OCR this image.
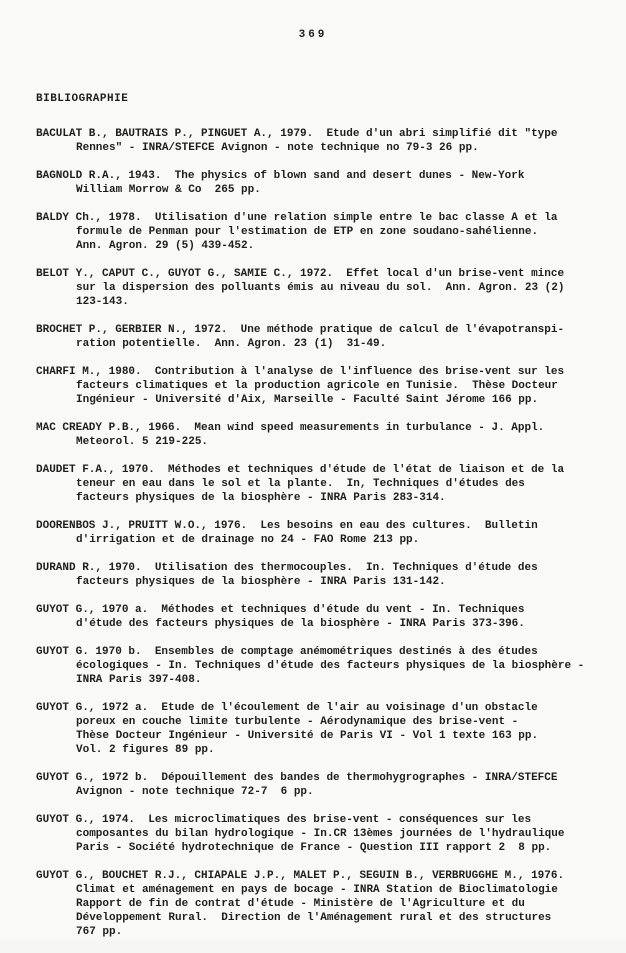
369
BIBLIOGRAPHIE

BACULAT B., BAUTRAIS P., PINGUET A., 1979.  Etude d'un abri simplifié dit "type
Rennes" - INRA/STEFCE Avignon - note technique no 79-3 26 pp.

BAGNOLD R.A., 1943.  The physics of blown sand and desert dunes - New-York
William Morrow & Co  265 pp.

BALDY Ch., 1978.  Utilisation d'une relation simple entre le bac classe A et la
formule de Penman pour l'estimation de ETP en zone soudano-sahélienne.
Ann. Agron. 29 (5) 439-452.

BELOT Y., CAPUT C., GUYOT G., SAMIE C., 1972.  Effet local d'un brise-vent mince
sur la dispersion des polluants émis au niveau du sol.  Ann. Agron. 23 (2)
123-143.

BROCHET P., GERBIER N., 1972.  Une méthode pratique de calcul de l'évapotranspi-
ration potentielle.  Ann. Agron. 23 (1)  31-49.

CHARFI M., 1980.  Contribution à l'analyse de l'influence des brise-vent sur les
facteurs climatiques et la production agricole en Tunisie.  Thèse Docteur
Ingénieur - Université d'Aix, Marseille - Faculté Saint Jérome 166 pp.

MAC CREADY P.B., 1966.  Mean wind speed measurements in turbulance - J. Appl.
Meteorol. 5 219-225.

DAUDET F.A., 1970.  Méthodes et techniques d'étude de l'état de liaison et de la
teneur en eau dans le sol et la plante.  In, Techniques d'études des
facteurs physiques de la biosphère - INRA Paris 283-314.

DOORENBOS J., PRUITT W.O., 1976.  Les besoins en eau des cultures.  Bulletin
d'irrigation et de drainage no 24 - FAO Rome 213 pp.

DURAND R., 1970.  Utilisation des thermocouples.  In. Techniques d'étude des
facteurs physiques de la biosphère - INRA Paris 131-142.

GUYOT G., 1970 a.  Méthodes et techniques d'étude du vent - In. Techniques
d'étude des facteurs physiques de la biosphère - INRA Paris 373-396.

GUYOT G. 1970 b.  Ensembles de comptage anémométriques destinés à des études
écologiques - In. Techniques d'étude des facteurs physiques de la biosphère -
INRA Paris 397-408.

GUYOT G., 1972 a.  Etude de l'écoulement de l'air au voisinage d'un obstacle
poreux en couche limite turbulente - Aérodynamique des brise-vent -
Thèse Docteur Ingénieur - Université de Paris VI - Vol 1 texte 163 pp.
Vol. 2 figures 89 pp.

GUYOT G., 1972 b.  Dépouillement des bandes de thermohygrographes - INRA/STEFCE
Avignon - note technique 72-7  6 pp.

GUYOT G., 1974.  Les microclimatiques des brise-vent - conséquences sur les
composantes du bilan hydrologique - In.CR 13èmes journées de l'hydraulique
Paris - Société hydrotechnique de France - Question III rapport 2  8 pp.

GUYOT G., BOUCHET R.J., CHIAPALE J.P., MALET P., SEGUIN B., VERBRUGGHE M., 1976.
Climat et aménagement en pays de bocage - INRA Station de Bioclimatologie
Rapport de fin de contrat d'étude - Ministère de l'Agriculture et du
Développement Rural.  Direction de l'Aménagement rural et des structures
767 pp.
